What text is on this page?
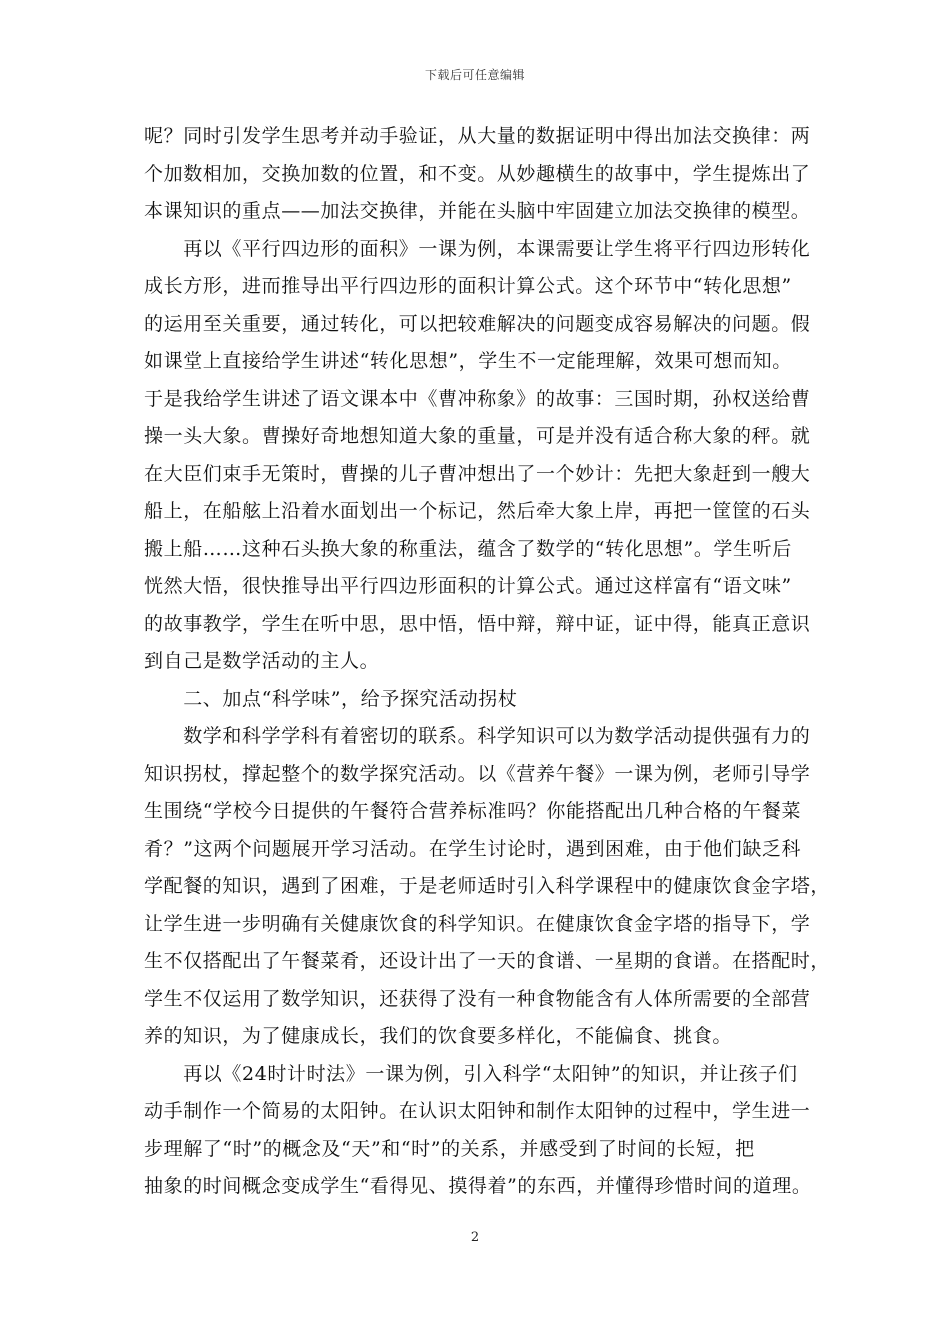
下载后可任意编辑
呢？同时引发学生思考并动手验证，从大量的数据证明中得出加法交换律：两
个加数相加，交换加数的位置，和不变。从妙趣横生的故事中，学生提炼出了
本课知识的重点——加法交换律，并能在头脑中牢固建立加法交换律的模型。
　　再以《平行四边形的面积》一课为例，本课需要让学生将平行四边形转化
成长方形，进而推导出平行四边形的面积计算公式。这个环节中“转化思想”
的运用至关重要，通过转化，可以把较难解决的问题变成容易解决的问题。假
如课堂上直接给学生讲述“转化思想”，学生不一定能理解，效果可想而知。
于是我给学生讲述了语文课本中《曹冲称象》的故事：三国时期，孙权送给曹
操一头大象。曹操好奇地想知道大象的重量，可是并没有适合称大象的秤。就
在大臣们束手无策时，曹操的儿子曹冲想出了一个妙计：先把大象赶到一艘大
船上，在船舷上沿着水面划出一个标记，然后牵大象上岸，再把一筐筐的石头
搬上船……这种石头换大象的称重法，蕴含了数学的“转化思想”。学生听后
恍然大悟，很快推导出平行四边形面积的计算公式。通过这样富有“语文味”
的故事教学，学生在听中思，思中悟，悟中辩，辩中证，证中得，能真正意识
到自己是数学活动的主人。
　　二、加点“科学味”，给予探究活动拐杖
　　数学和科学学科有着密切的联系。科学知识可以为数学活动提供强有力的
知识拐杖，撑起整个的数学探究活动。以《营养午餐》一课为例，老师引导学
生围绕“学校今日提供的午餐符合营养标准吗？你能搭配出几种合格的午餐菜
肴？”这两个问题展开学习活动。在学生讨论时，遇到困难，由于他们缺乏科
学配餐的知识，遇到了困难，于是老师适时引入科学课程中的健康饮食金字塔，
让学生进一步明确有关健康饮食的科学知识。在健康饮食金字塔的指导下，学
生不仅搭配出了午餐菜肴，还设计出了一天的食谱、一星期的食谱。在搭配时，
学生不仅运用了数学知识，还获得了没有一种食物能含有人体所需要的全部营
养的知识，为了健康成长，我们的饮食要多样化，不能偏食、挑食。
　　再以《24时计时法》一课为例，引入科学“太阳钟”的知识，并让孩子们
动手制作一个简易的太阳钟。在认识太阳钟和制作太阳钟的过程中，学生进一
步理解了“时”的概念及“天”和“时”的关系，并感受到了时间的长短，把
抽象的时间概念变成学生“看得见、摸得着”的东西，并懂得珍惜时间的道理。
2
